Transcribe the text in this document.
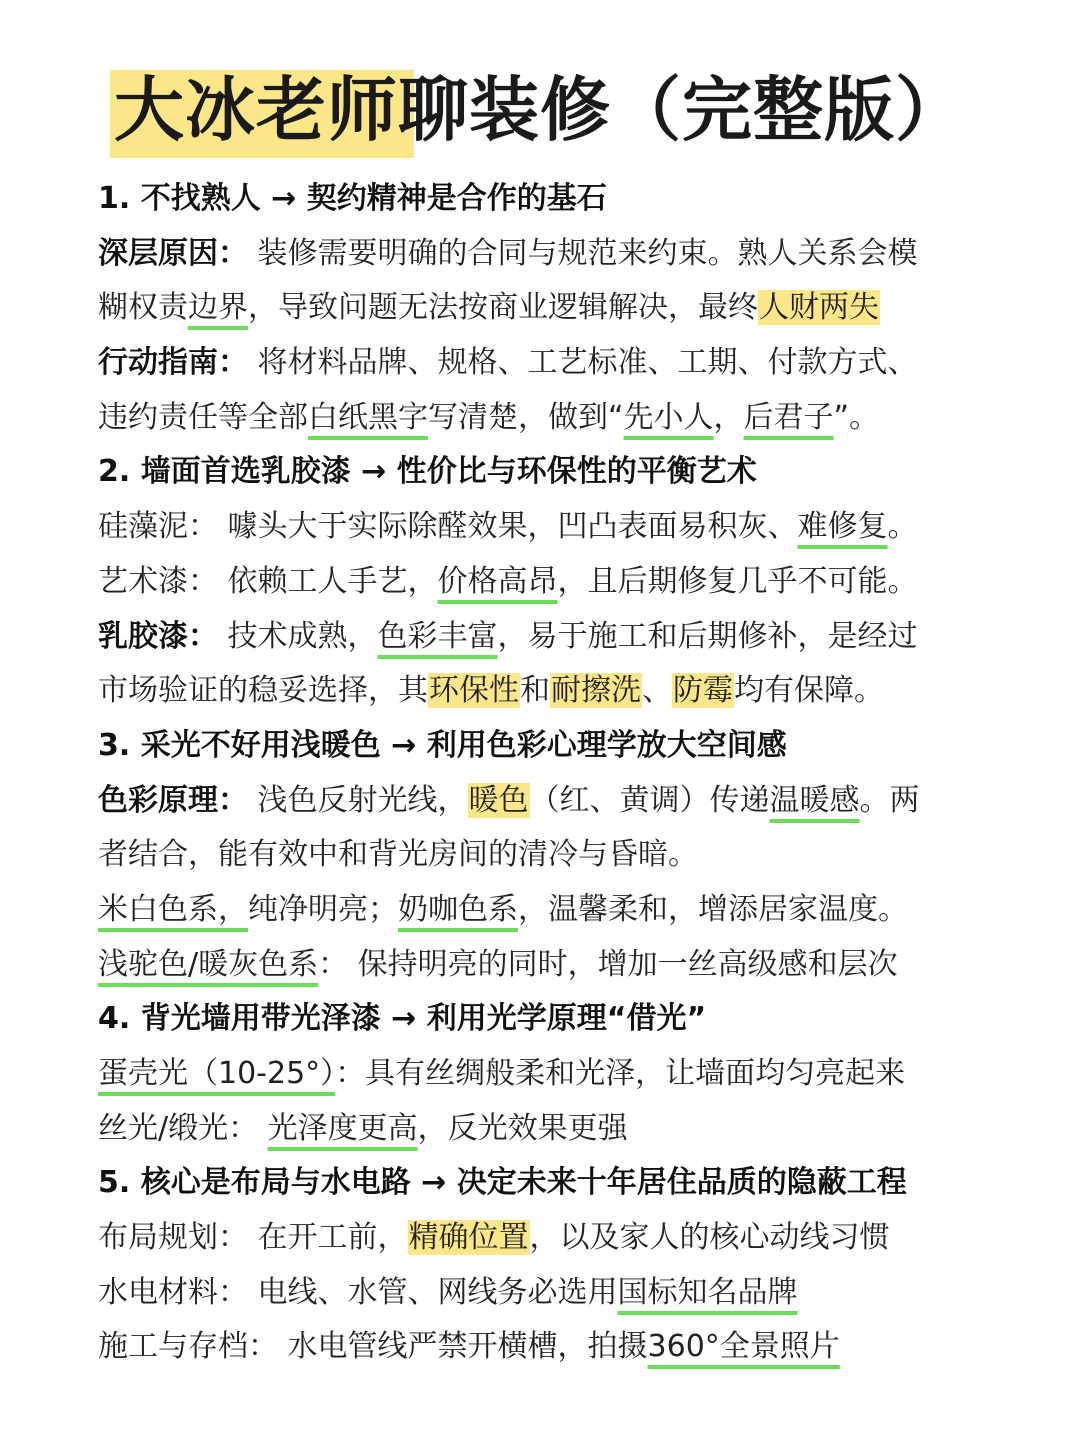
大冰老师聊装修（完整版）
1. 不找熟人 → 契约精神是合作的基石
深层原因： 装修需要明确的合同与规范来约束。熟人关系会模
糊权责边界，导致问题无法按商业逻辑解决，最终人财两失
行动指南： 将材料品牌、规格、工艺标准、工期、付款方式、
违约责任等全部白纸黑字写清楚，做到“先小人，后君子”。
2. 墙面首选乳胶漆 → 性价比与环保性的平衡艺术
硅藻泥： 噱头大于实际除醛效果，凹凸表面易积灰、难修复。
艺术漆： 依赖工人手艺，价格高昂，且后期修复几乎不可能。
乳胶漆： 技术成熟，色彩丰富，易于施工和后期修补，是经过
市场验证的稳妥选择，其环保性和耐擦洗、防霉均有保障。
3. 采光不好用浅暖色 → 利用色彩心理学放大空间感
色彩原理： 浅色反射光线，暖色（红、黄调）传递温暖感。两
者结合，能有效中和背光房间的清冷与昏暗。
米白色系，纯净明亮；奶咖色系，温馨柔和，增添居家温度。
浅驼色/暖灰色系： 保持明亮的同时，增加一丝高级感和层次
4. 背光墙用带光泽漆 → 利用光学原理“借光”
蛋壳光（10-25°）：具有丝绸般柔和光泽，让墙面均匀亮起来
丝光/缎光： 光泽度更高，反光效果更强
5. 核心是布局与水电路 → 决定未来十年居住品质的隐蔽工程
布局规划： 在开工前，精确位置，以及家人的核心动线习惯
水电材料： 电线、水管、网线务必选用国标知名品牌
施工与存档： 水电管线严禁开横槽，拍摄360°全景照片
